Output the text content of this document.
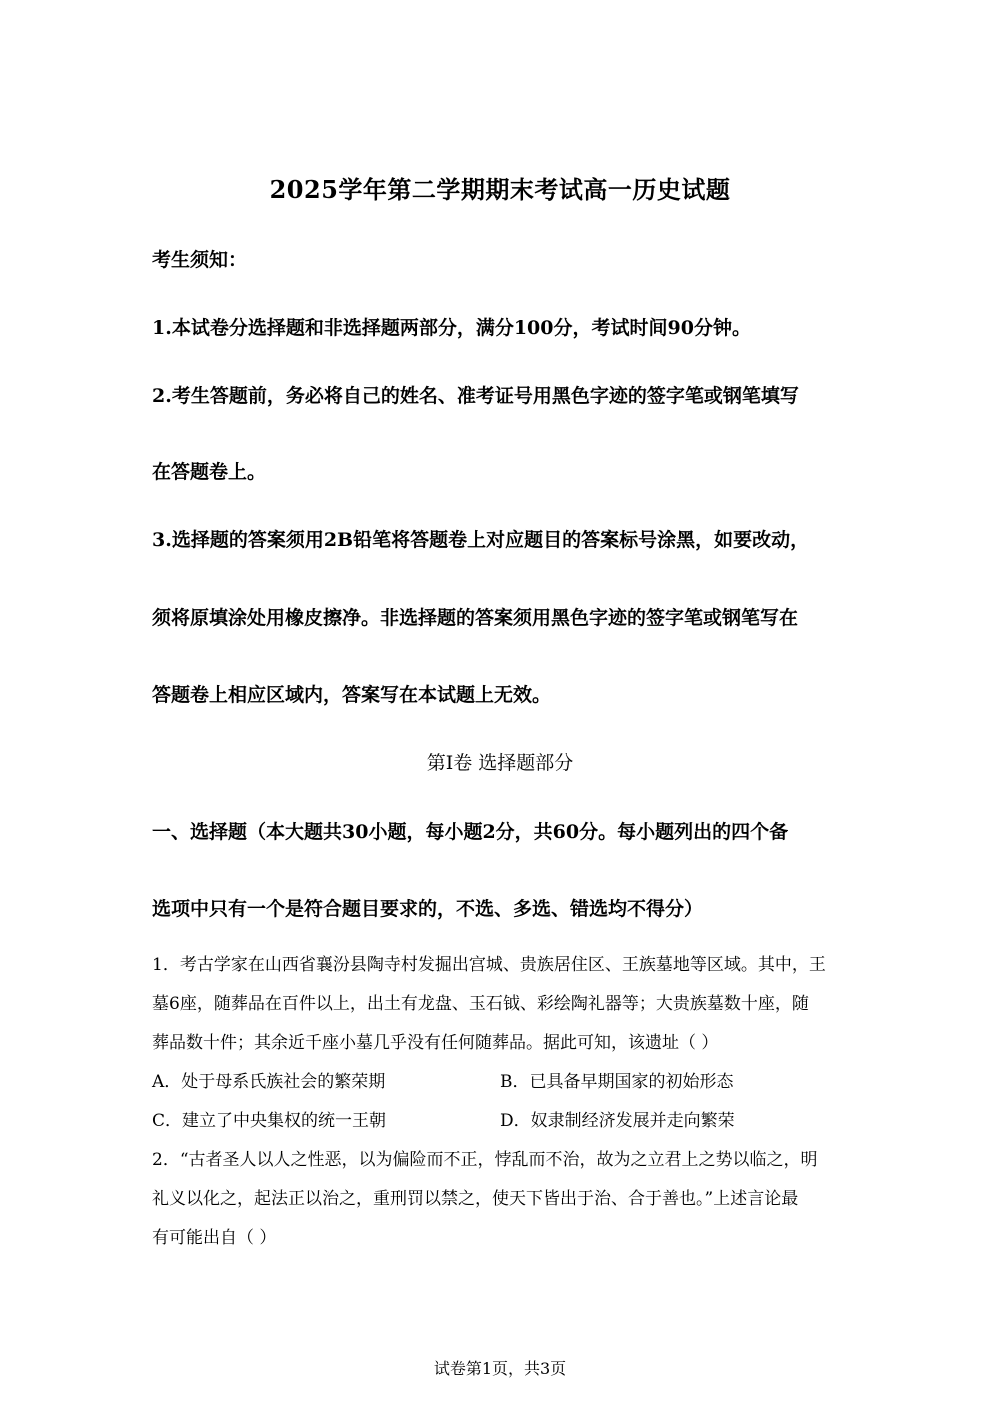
2025学年第二学期期末考试高一历史试题
考生须知：
1.本试卷分选择题和非选择题两部分，满分100分，考试时间90分钟。
2.考生答题前，务必将自己的姓名、准考证号用黑色字迹的签字笔或钢笔填写
在答题卷上。
3.选择题的答案须用2B铅笔将答题卷上对应题目的答案标号涂黑，如要改动，
须将原填涂处用橡皮擦净。非选择题的答案须用黑色字迹的签字笔或钢笔写在
答题卷上相应区域内，答案写在本试题上无效。
第Ⅰ卷 选择题部分
一、选择题（本大题共30小题，每小题2分，共60分。每小题列出的四个备
选项中只有一个是符合题目要求的，不选、多选、错选均不得分）
1．考古学家在山西省襄汾县陶寺村发掘出宫城、贵族居住区、王族墓地等区域。其中，王
墓6座，随葬品在百件以上，出土有龙盘、玉石钺、彩绘陶礼器等；大贵族墓数十座，随
葬品数十件；其余近千座小墓几乎没有任何随葬品。据此可知，该遗址（ ）
A．处于母系氏族社会的繁荣期	B．已具备早期国家的初始形态
C．建立了中央集权的统一王朝	D．奴隶制经济发展并走向繁荣
2．“古者圣人以人之性恶，以为偏险而不正，悖乱而不治，故为之立君上之势以临之，明
礼义以化之，起法正以治之，重刑罚以禁之，使天下皆出于治、合于善也。”上述言论最
有可能出自（ ）
试卷第1页，共3页
